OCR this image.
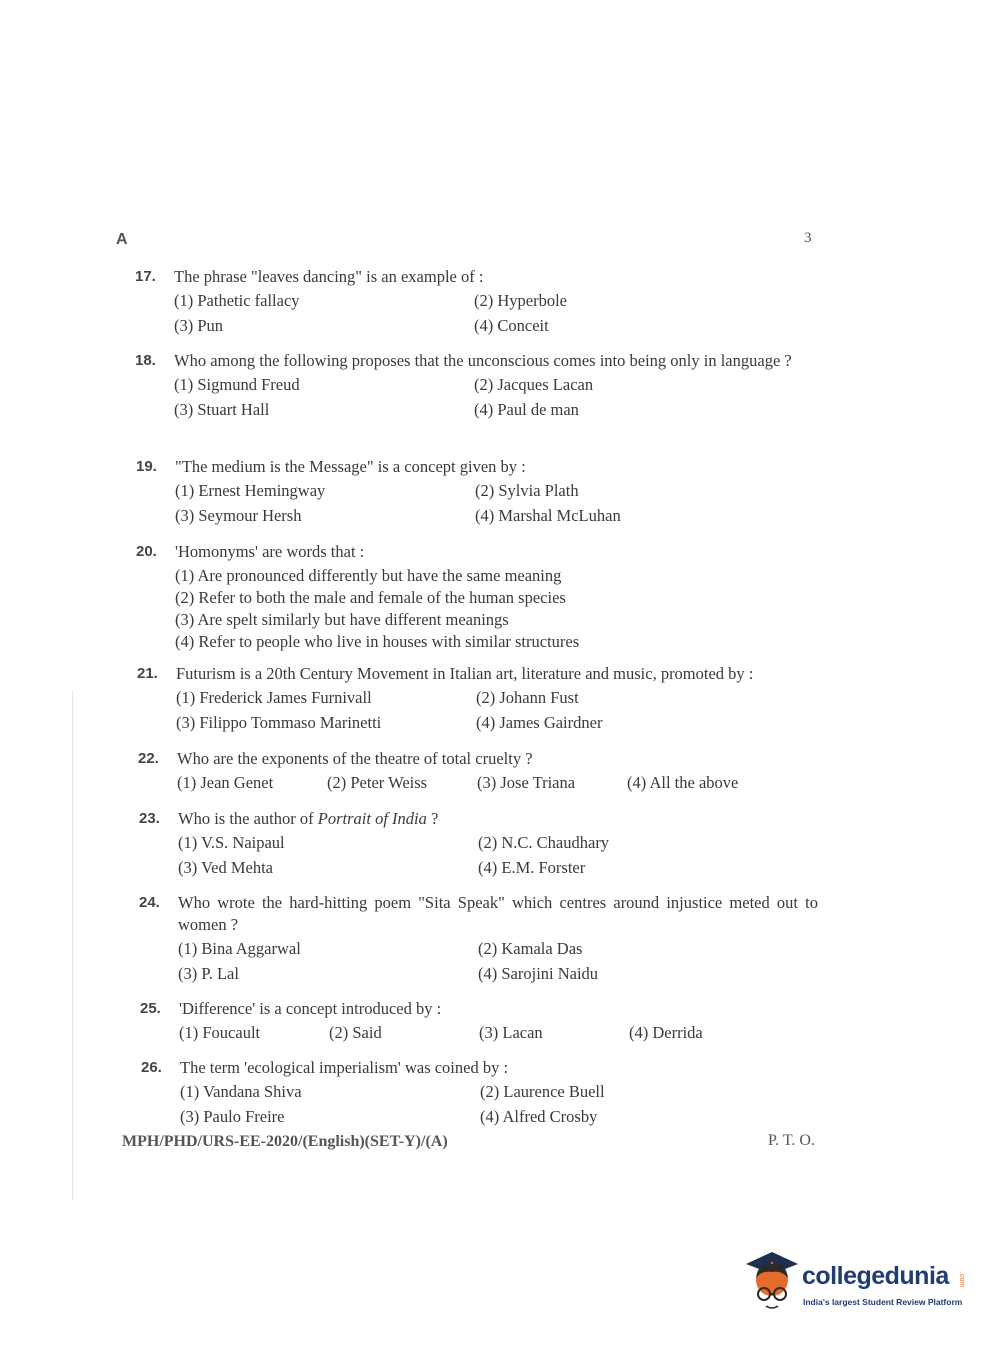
A	3
17. The phrase "leaves dancing" is an example of :
(1) Pathetic fallacy	(2) Hyperbole
(3) Pun	(4) Conceit
18. Who among the following proposes that the unconscious comes into being only in language ?
(1) Sigmund Freud	(2) Jacques Lacan
(3) Stuart Hall	(4) Paul de man
19. "The medium is the Message" is a concept given by :
(1) Ernest Hemingway	(2) Sylvia Plath
(3) Seymour Hersh	(4) Marshal McLuhan
20. 'Homonyms' are words that :
(1) Are pronounced differently but have the same meaning
(2) Refer to both the male and female of the human species
(3) Are spelt similarly but have different meanings
(4) Refer to people who live in houses with similar structures
21. Futurism is a 20th Century Movement in Italian art, literature and music, promoted by :
(1) Frederick James Furnivall	(2) Johann Fust
(3) Filippo Tommaso Marinetti	(4) James Gairdner
22. Who are the exponents of the theatre of total cruelty ?
(1) Jean Genet	(2) Peter Weiss	(3) Jose Triana	(4) All the above
23. Who is the author of Portrait of India ?
(1) V.S. Naipaul	(2) N.C. Chaudhary
(3) Ved Mehta	(4) E.M. Forster
24. Who wrote the hard-hitting poem "Sita Speak" which centres around injustice meted out to women ?
(1) Bina Aggarwal	(2) Kamala Das
(3) P. Lal	(4) Sarojini Naidu
25. 'Difference' is a concept introduced by :
(1) Foucault	(2) Said	(3) Lacan	(4) Derrida
26. The term 'ecological imperialism' was coined by :
(1) Vandana Shiva	(2) Laurence Buell
(3) Paulo Freire	(4) Alfred Crosby
MPH/PHD/URS-EE-2020/(English)(SET-Y)/(A)	P. T. O.
collegedunia .com
India's largest Student Review Platform
